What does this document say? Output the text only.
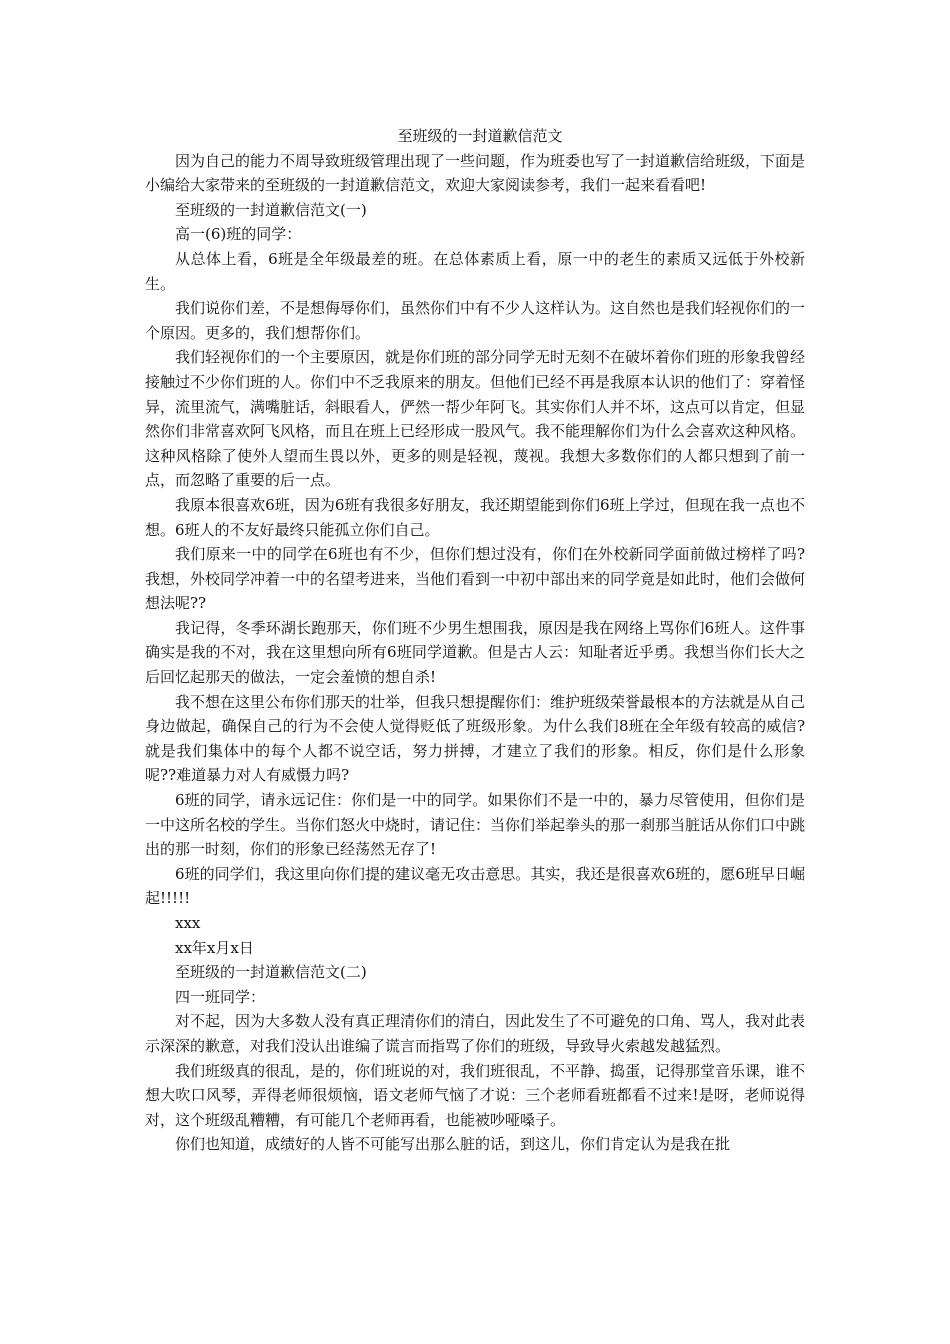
至班级的一封道歉信范文

因为自己的能力不周导致班级管理出现了一些问题，作为班委也写了一封道歉信给班级，下面是小编给大家带来的至班级的一封道歉信范文，欢迎大家阅读参考，我们一起来看看吧!

至班级的一封道歉信范文(一)

高一(6)班的同学：

从总体上看，6班是全年级最差的班。在总体素质上看，原一中的老生的素质又远低于外校新生。

我们说你们差，不是想侮辱你们，虽然你们中有不少人这样认为。这自然也是我们轻视你们的一个原因。更多的，我们想帮你们。

我们轻视你们的一个主要原因，就是你们班的部分同学无时无刻不在破坏着你们班的形象我曾经接触过不少你们班的人。你们中不乏我原来的朋友。但他们已经不再是我原本认识的他们了：穿着怪异，流里流气，满嘴脏话，斜眼看人，俨然一帮少年阿飞。其实你们人并不坏，这点可以肯定，但显然你们非常喜欢阿飞风格，而且在班上已经形成一股风气。我不能理解你们为什么会喜欢这种风格。这种风格除了使外人望而生畏以外，更多的则是轻视，蔑视。我想大多数你们的人都只想到了前一点，而忽略了重要的后一点。

我原本很喜欢6班，因为6班有我很多好朋友，我还期望能到你们6班上学过，但现在我一点也不想。6班人的不友好最终只能孤立你们自己。

我们原来一中的同学在6班也有不少，但你们想过没有，你们在外校新同学面前做过榜样了吗?我想，外校同学冲着一中的名望考进来，当他们看到一中初中部出来的同学竟是如此时，他们会做何想法呢??

我记得，冬季环湖长跑那天，你们班不少男生想围我，原因是我在网络上骂你们6班人。这件事确实是我的不对，我在这里想向所有6班同学道歉。但是古人云：知耻者近乎勇。我想当你们长大之后回忆起那天的做法，一定会羞愤的想自杀!

我不想在这里公布你们那天的壮举，但我只想提醒你们：维护班级荣誉最根本的方法就是从自己身边做起，确保自己的行为不会使人觉得贬低了班级形象。为什么我们8班在全年级有较高的威信?就是我们集体中的每个人都不说空话，努力拼搏，才建立了我们的形象。相反，你们是什么形象呢??难道暴力对人有威慑力吗?

6班的同学，请永远记住：你们是一中的同学。如果你们不是一中的，暴力尽管使用，但你们是一中这所名校的学生。当你们怒火中烧时，请记住：当你们举起拳头的那一刹那当脏话从你们口中跳出的那一时刻，你们的形象已经荡然无存了!

6班的同学们，我这里向你们提的建议毫无攻击意思。其实，我还是很喜欢6班的，愿6班早日崛起!!!!!

xxx

xx年x月x日

至班级的一封道歉信范文(二)

四一班同学：

对不起，因为大多数人没有真正理清你们的清白，因此发生了不可避免的口角、骂人，我对此表示深深的歉意，对我们没认出谁编了谎言而指骂了你们的班级，导致导火索越发越猛烈。

我们班级真的很乱，是的，你们班说的对，我们班很乱，不平静、捣蛋，记得那堂音乐课，谁不想大吹口风琴，弄得老师很烦恼，语文老师气恼了才说：三个老师看班都看不过来!是呀，老师说得对，这个班级乱糟糟，有可能几个老师再看，也能被吵哑嗓子。

你们也知道，成绩好的人皆不可能写出那么脏的话，到这儿，你们肯定认为是我在批
